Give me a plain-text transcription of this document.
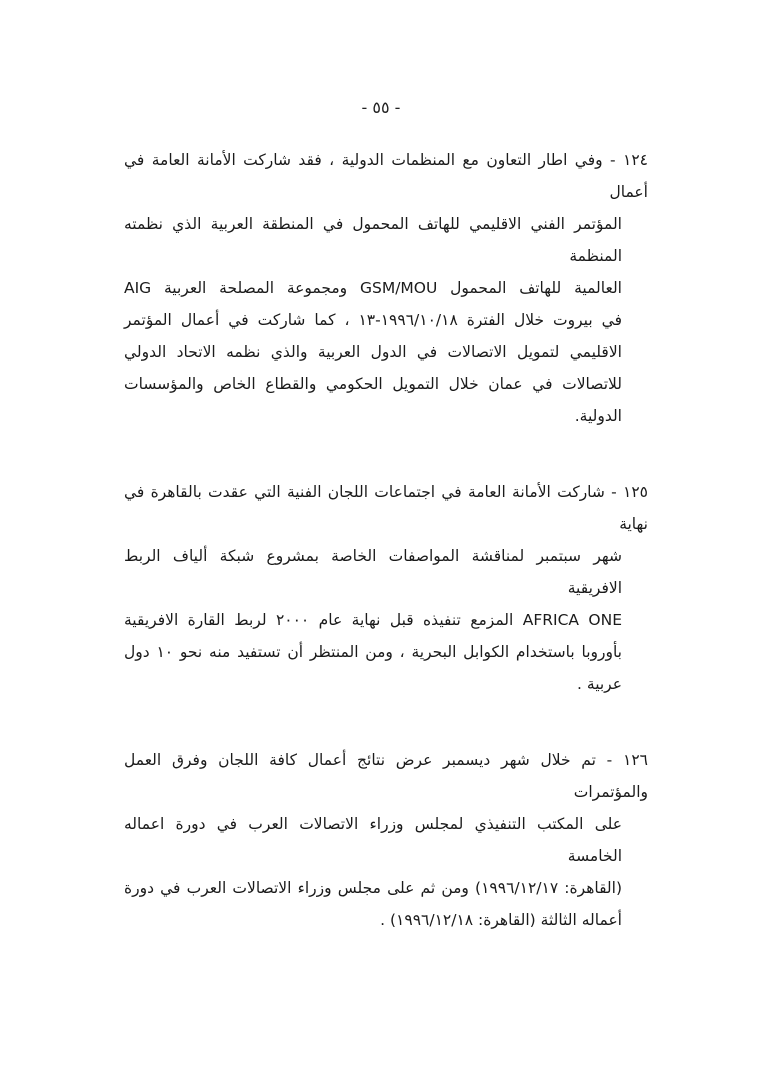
- ٥٥ -
١٢٤ - وفي اطار التعاون مع المنظمات الدولية ، فقد شاركت الأمانة العامة في أعمال
المؤتمر الفني الاقليمي للهاتف المحمول في المنطقة العربية الذي نظمته المنظمة
العالمية للهاتف المحمول GSM/MOU ومجموعة المصلحة العربية AIG
في بيروت خلال الفترة ‪١٩٩٦/١٠/١٨-١٣‬ ، كما شاركت في أعمال المؤتمر
الاقليمي لتمويل الاتصالات في الدول العربية والذي نظمه الاتحاد الدولي
للاتصالات في عمان خلال التمويل الحكومي والقطاع الخاص والمؤسسات
الدولية.
١٢٥ - شاركت الأمانة العامة في اجتماعات اللجان الفنية التي عقدت بالقاهرة في نهاية
شهر سبتمبر لمناقشة المواصفات الخاصة بمشروع شبكة ألياف الربط الافريقية
AFRICA ONE المزمع تنفيذه قبل نهاية عام ٢٠٠٠ لربط القارة الافريقية
بأوروبا باستخدام الكوابل البحرية ، ومن المنتظر أن تستفيد منه نحو ١٠ دول
عربية .
١٢٦ - تم خلال شهر ديسمبر عرض نتائج أعمال كافة اللجان وفرق العمل والمؤتمرات
على المكتب التنفيذي لمجلس وزراء الاتصالات العرب في دورة اعماله الخامسة
(القاهرة: ١٩٩٦/١٢/١٧) ومن ثم على مجلس وزراء الاتصالات العرب في دورة
أعماله الثالثة (القاهرة: ١٩٩٦/١٢/١٨) .
